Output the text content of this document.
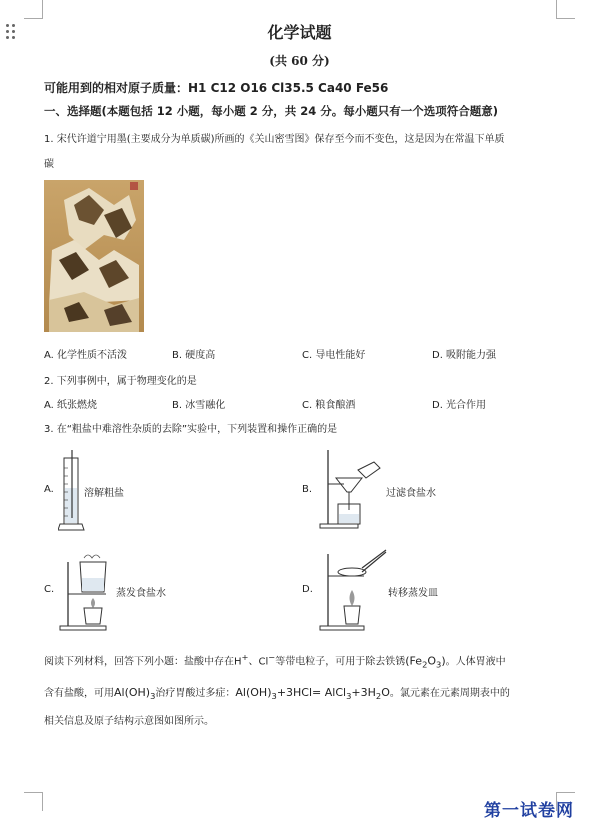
化学试题
(共 60 分)
可能用到的相对原子质量：H1 C12 O16 Cl35.5 Ca40 Fe56
一、选择题(本题包括 12 小题，每小题 2 分，共 24 分。每小题只有一个选项符合题意)
1. 宋代许道宁用墨(主要成分为单质碳)所画的《关山密雪图》保存至今而不变色，这是因为在常温下单质
碳
A. 化学性质不活泼	B. 硬度高	C. 导电性能好	D. 吸附能力强
2. 下列事例中，属于物理变化的是
A. 纸张燃烧	B. 冰雪融化	C. 粮食酿酒	D. 光合作用
3. 在“粗盐中难溶性杂质的去除”实验中，下列装置和操作正确的是
A.	溶解粗盐	B.	过滤食盐水
C.	蒸发食盐水	D.	转移蒸发皿
阅读下列材料，回答下列小题：盐酸中存在H+、Cl−等带电粒子，可用于除去铁锈$(Fe_2O_3)$。人体胃液中
含有盐酸，可用$Al(OH)_3$治疗胃酸过多症：$Al(OH)_3+3HCl=$ $AlCl_3+3H_2O$。氯元素在元素周期表中的
相关信息及原子结构示意图如图所示。
第一试卷网
